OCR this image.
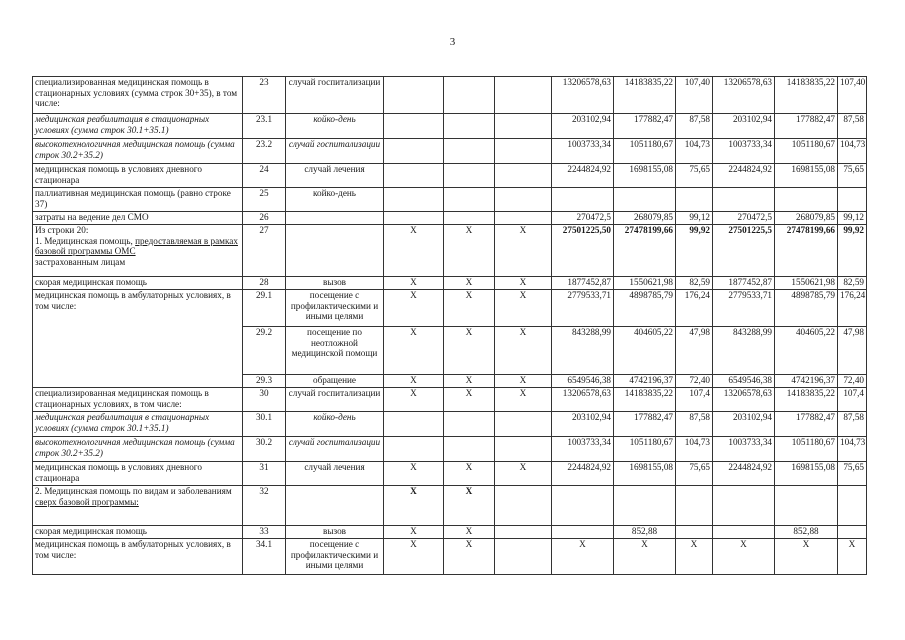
3
специализированная медицинская помощь в стационарных условиях (сумма строк 30+35), в том числе:	23	случай госпитализации				13206578,63	14183835,22	107,40	13206578,63	14183835,22	107,40
медицинская реабилитация в стационарных условиях (сумма строк 30.1+35.1)	23.1	койко-день				203102,94	177882,47	87,58	203102,94	177882,47	87,58
высокотехнологичная медицинская помощь (сумма строк 30.2+35.2)	23.2	случай госпитализации				1003733,34	1051180,67	104,73	1003733,34	1051180,67	104,73
медицинская помощь в условиях дневного стационара	24	случай лечения				2244824,92	1698155,08	75,65	2244824,92	1698155,08	75,65
паллиативная медицинская помощь (равно строке 37)	25	койко-день									
затраты на ведение дел СМО	26					270472,5	268079,85	99,12	270472,5	268079,85	99,12
Из строки 20:
1. Медицинская помощь, предоставляемая в рамках базовой программы ОМС
застрахованным лицам	27		X	X	X	27501225,50	27478199,66	99,92	27501225,5	27478199,66	99,92
скорая медицинская помощь	28	вызов	X	X	X	1877452,87	1550621,98	82,59	1877452,87	1550621,98	82,59
медицинская помощь в амбулаторных условиях, в том числе:	29.1	посещение с профилактическими и иными целями	X	X	X	2779533,71	4898785,79	176,24	2779533,71	4898785,79	176,24
	29.2	посещение по неотложной медицинской помощи	X	X	X	843288,99	404605,22	47,98	843288,99	404605,22	47,98
	29.3	обращение	X	X	X	6549546,38	4742196,37	72,40	6549546,38	4742196,37	72,40
специализированная медицинская помощь в стационарных условиях, в том числе:	30	случай госпитализации	X	X	X	13206578,63	14183835,22	107,4	13206578,63	14183835,22	107,4
медицинская реабилитация в стационарных условиях (сумма строк 30.1+35.1)	30.1	койко-день				203102,94	177882,47	87,58	203102,94	177882,47	87,58
высокотехнологичная медицинская помощь (сумма строк 30.2+35.2)	30.2	случай госпитализации				1003733,34	1051180,67	104,73	1003733,34	1051180,67	104,73
медицинская помощь в условиях дневного стационара	31	случай лечения	X	X	X	2244824,92	1698155,08	75,65	2244824,92	1698155,08	75,65
2. Медицинская помощь по видам и заболеваниям сверх базовой программы:	32		X	X							
скорая медицинская помощь	33	вызов	X	X			852,88			852,88	
медицинская помощь в амбулаторных условиях, в том числе:	34.1	посещение с профилактическими и иными целями	X	X		X	X	X	X	X	X
